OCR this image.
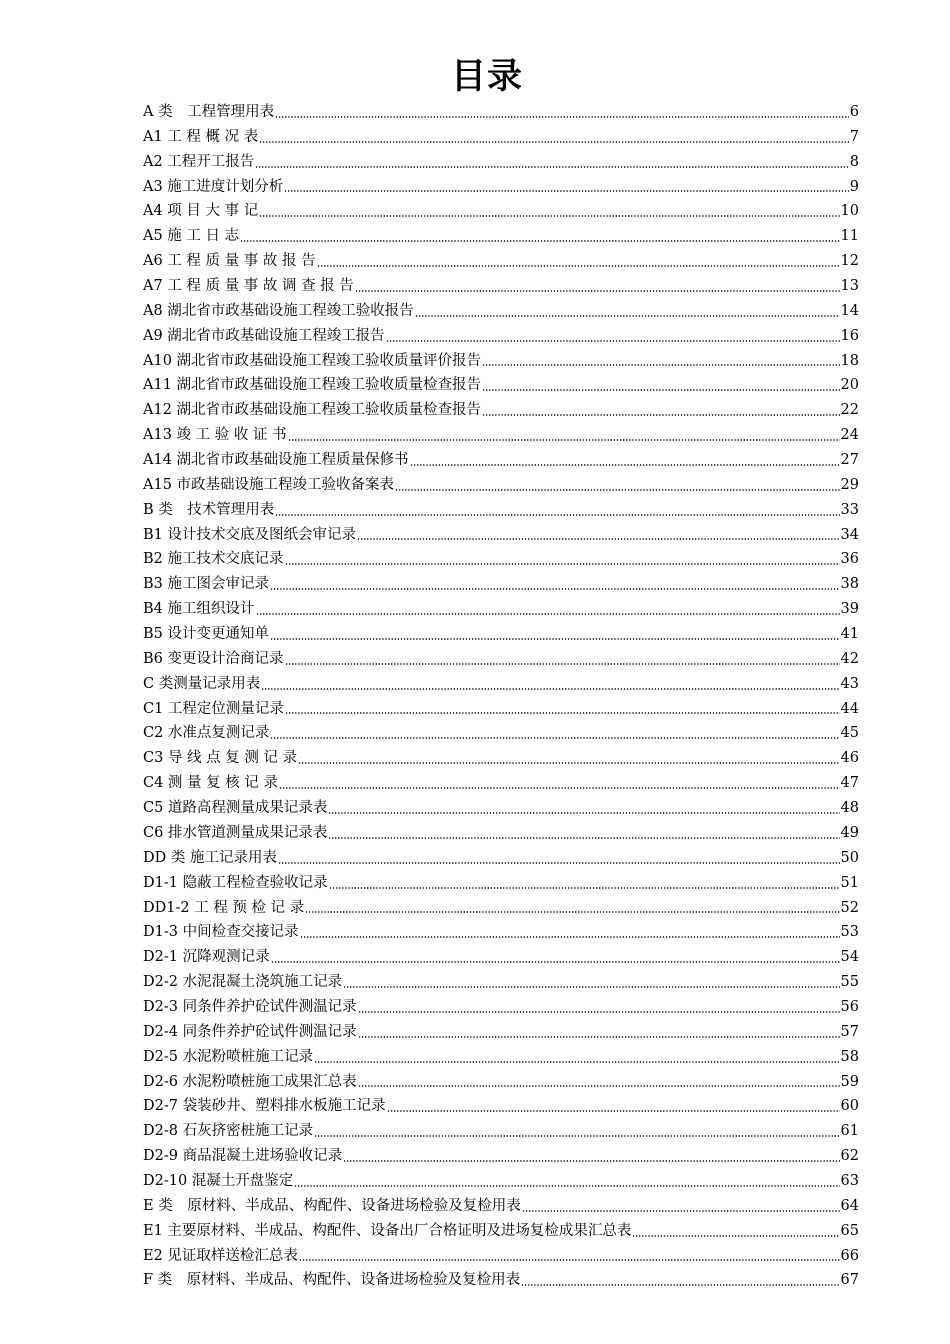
目录
A 类　工程管理用表	6
A1 工 程 概 况 表	7
A2 工程开工报告	8
A3 施工进度计划分析	9
A4 项 目 大 事 记	10
A5 施 工 日 志	11
A6 工 程 质 量 事 故 报 告	12
A7 工 程 质 量 事 故 调 查 报 告	13
A8 湖北省市政基础设施工程竣工验收报告	14
A9 湖北省市政基础设施工程竣工报告	16
A10 湖北省市政基础设施工程竣工验收质量评价报告	18
A11 湖北省市政基础设施工程竣工验收质量检查报告	20
A12 湖北省市政基础设施工程竣工验收质量检查报告	22
A13 竣 工 验 收 证 书	24
A14 湖北省市政基础设施工程质量保修书	27
A15 市政基础设施工程竣工验收备案表	29
B 类　技术管理用表	33
B1 设计技术交底及图纸会审记录	34
B2 施工技术交底记录	36
B3 施工图会审记录	38
B4 施工组织设计	39
B5 设计变更通知单	41
B6 变更设计洽商记录	42
C 类测量记录用表	43
C1 工程定位测量记录	44
C2 水准点复测记录	45
C3 导 线 点 复 测 记 录	46
C4 测 量 复 核 记 录	47
C5 道路高程测量成果记录表	48
C6 排水管道测量成果记录表	49
DD 类 施工记录用表	50
D1-1 隐蔽工程检查验收记录	51
DD1-2 工 程 预 检 记 录	52
D1-3 中间检查交接记录	53
D2-1 沉降观测记录	54
D2-2 水泥混凝土浇筑施工记录	55
D2-3 同条件养护砼试件测温记录	56
D2-4 同条件养护砼试件测温记录	57
D2-5 水泥粉喷桩施工记录	58
D2-6 水泥粉喷桩施工成果汇总表	59
D2-7 袋装砂井、塑料排水板施工记录	60
D2-8 石灰挤密桩施工记录	61
D2-9 商品混凝土进场验收记录	62
D2-10 混凝土开盘鉴定	63
E 类　原材料、半成品、构配件、设备进场检验及复检用表	64
E1 主要原材料、半成品、构配件、设备出厂合格证明及进场复检成果汇总表	65
E2 见证取样送检汇总表	66
F 类　原材料、半成品、构配件、设备进场检验及复检用表	67
